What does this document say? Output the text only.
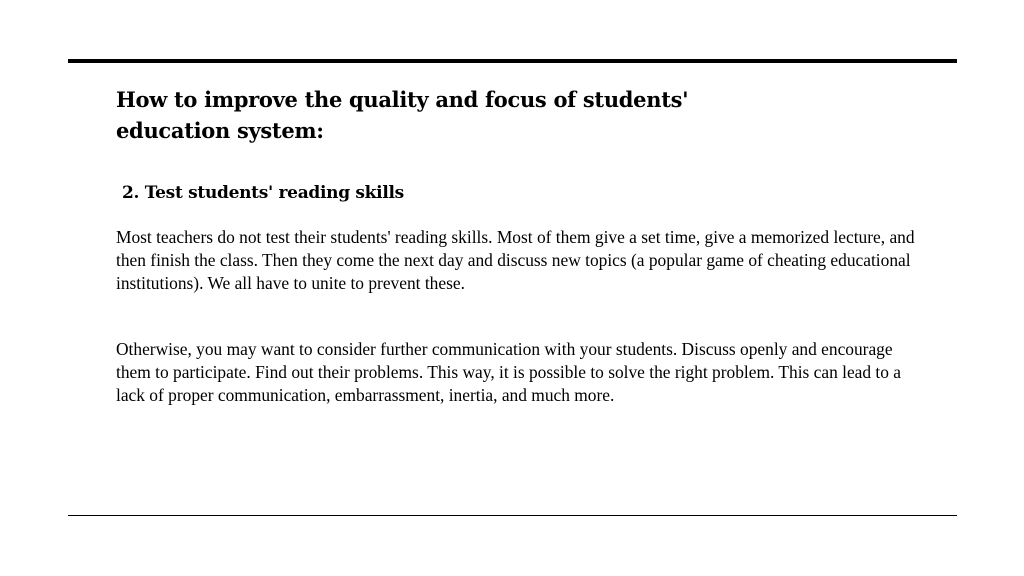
How to improve the quality and focus of students' education system:
2. Test students' reading skills

Most teachers do not test their students' reading skills. Most of them give a set time, give a memorized lecture, and then finish the class. Then they come the next day and discuss new topics (a popular game of cheating educational institutions). We all have to unite to prevent these.

Otherwise, you may want to consider further communication with your students. Discuss openly and encourage them to participate. Find out their problems. This way, it is possible to solve the right problem. This can lead to a lack of proper communication, embarrassment, inertia, and much more.
